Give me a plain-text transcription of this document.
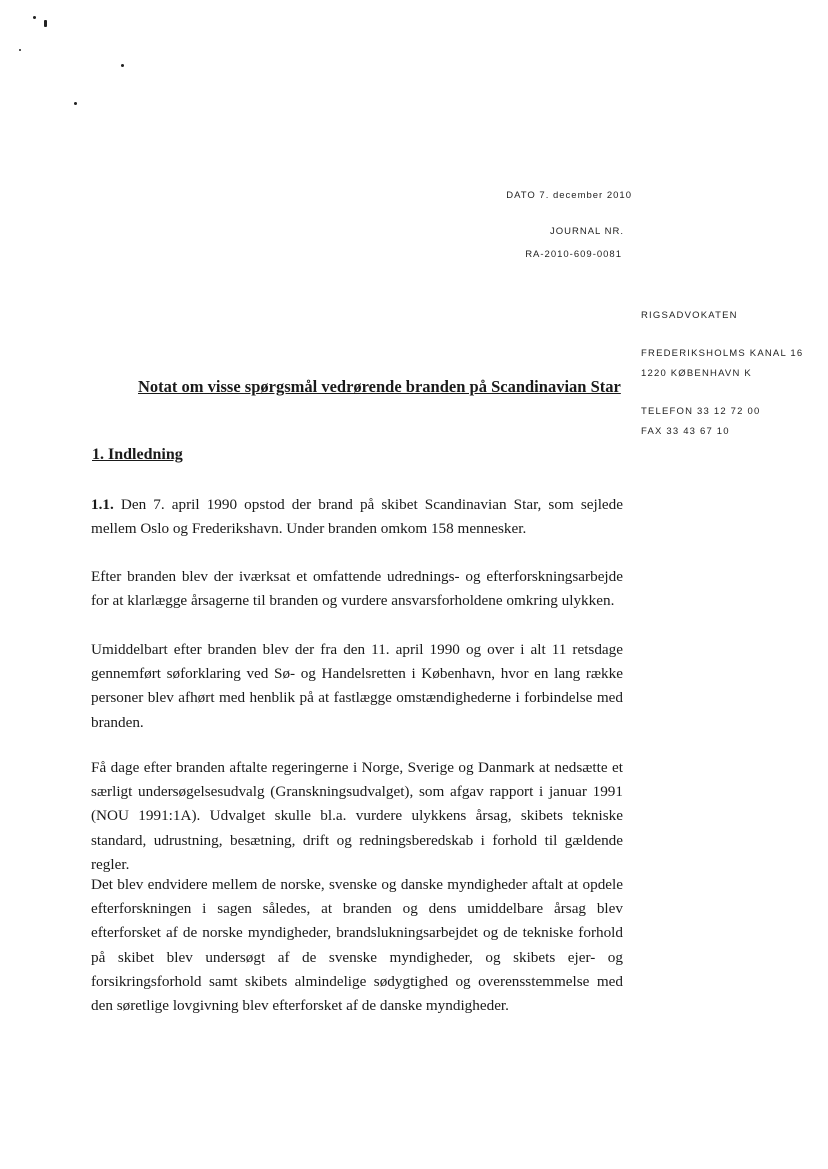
DATO 7. december 2010
JOURNAL NR.
RA-2010-609-0081
RIGSADVOKATEN
FREDERIKSHOLMS KANAL 16
1220 KØBENHAVN K
TELEFON 33 12 72 00
FAX 33 43 67 10
Notat om visse spørgsmål vedrørende branden på Scandinavian Star
1. Indledning

1.1. Den 7. april 1990 opstod der brand på skibet Scandinavian Star, som sejlede mellem Oslo og Frederikshavn. Under branden omkom 158 mennesker.

Efter branden blev der iværksat et omfattende udrednings- og efterforskningsarbejde for at klarlægge årsagerne til branden og vurdere ansvarsforholdene omkring ulykken.

Umiddelbart efter branden blev der fra den 11. april 1990 og over i alt 11 retsdage gennemført søforklaring ved Sø- og Handelsretten i København, hvor en lang række personer blev afhørt med henblik på at fastlægge omstændighederne i forbindelse med branden.

Få dage efter branden aftalte regeringerne i Norge, Sverige og Danmark at nedsætte et særligt undersøgelsesudvalg (Granskningsudvalget), som afgav rapport i januar 1991 (NOU 1991:1A). Udvalget skulle bl.a. vurdere ulykkens årsag, skibets tekniske standard, udrustning, besætning, drift og redningsberedskab i forhold til gældende regler.

Det blev endvidere mellem de norske, svenske og danske myndigheder aftalt at opdele efterforskningen i sagen således, at branden og dens umiddelbare årsag blev efterforsket af de norske myndigheder, brandslukningsarbejdet og de tekniske forhold på skibet blev undersøgt af de svenske myndigheder, og skibets ejer- og forsikringsforhold samt skibets almindelige sødygtighed og overensstemmelse med den søretlige lovgivning blev efterforsket af de danske myndigheder.
